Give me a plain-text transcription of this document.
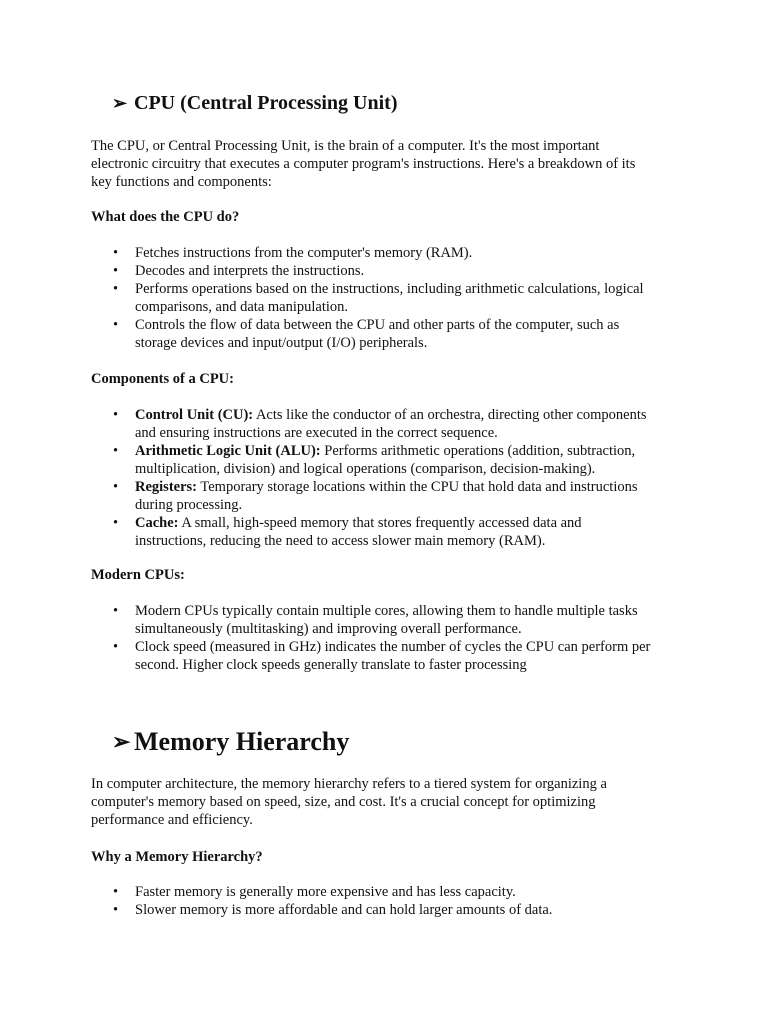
➢ CPU (Central Processing Unit)
The CPU, or Central Processing Unit, is the brain of a computer. It's the most important
electronic circuitry that executes a computer program's instructions. Here's a breakdown of its
key functions and components:
What does the CPU do?
• Fetches instructions from the computer's memory (RAM).
• Decodes and interprets the instructions.
• Performs operations based on the instructions, including arithmetic calculations, logical
comparisons, and data manipulation.
• Controls the flow of data between the CPU and other parts of the computer, such as
storage devices and input/output (I/O) peripherals.
Components of a CPU:
• Control Unit (CU): Acts like the conductor of an orchestra, directing other components
and ensuring instructions are executed in the correct sequence.
• Arithmetic Logic Unit (ALU): Performs arithmetic operations (addition, subtraction,
multiplication, division) and logical operations (comparison, decision-making).
• Registers: Temporary storage locations within the CPU that hold data and instructions
during processing.
• Cache: A small, high-speed memory that stores frequently accessed data and
instructions, reducing the need to access slower main memory (RAM).
Modern CPUs:
• Modern CPUs typically contain multiple cores, allowing them to handle multiple tasks
simultaneously (multitasking) and improving overall performance.
• Clock speed (measured in GHz) indicates the number of cycles the CPU can perform per
second. Higher clock speeds generally translate to faster processing
➢ Memory Hierarchy
In computer architecture, the memory hierarchy refers to a tiered system for organizing a
computer's memory based on speed, size, and cost. It's a crucial concept for optimizing
performance and efficiency.
Why a Memory Hierarchy?
• Faster memory is generally more expensive and has less capacity.
• Slower memory is more affordable and can hold larger amounts of data.
